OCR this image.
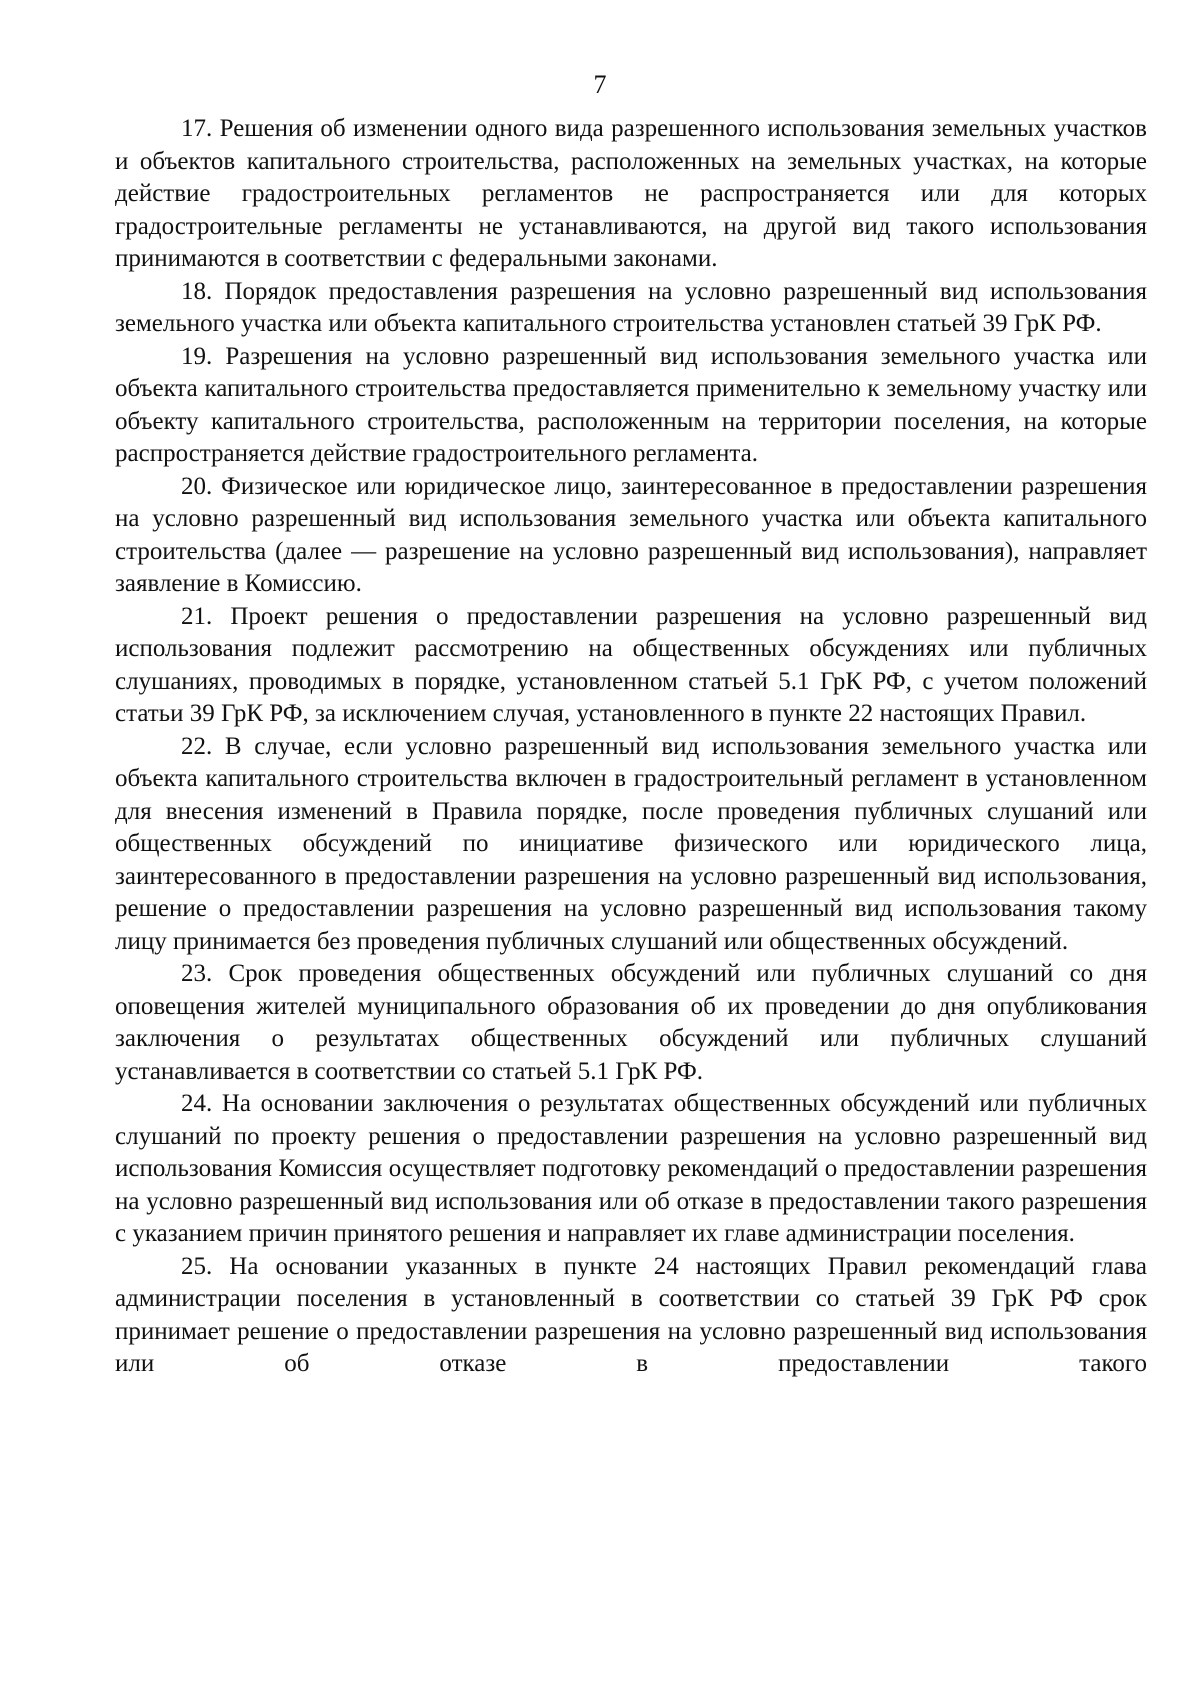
7

17. Решения об изменении одного вида разрешенного использования земельных участков и объектов капитального строительства, расположенных на земельных участках, на которые действие градостроительных регламентов не распространяется или для которых градостроительные регламенты не устанавливаются, на другой вид такого использования принимаются в соответствии с федеральными законами.

18. Порядок предоставления разрешения на условно разрешенный вид использования земельного участка или объекта капитального строительства установлен статьей 39 ГрК РФ.

19. Разрешения на условно разрешенный вид использования земельного участка или объекта капитального строительства предоставляется применительно к земельному участку или объекту капитального строительства, расположенным на территории поселения, на которые распространяется действие градостроительного регламента.

20. Физическое или юридическое лицо, заинтересованное в предоставлении разрешения на условно разрешенный вид использования земельного участка или объекта капитального строительства (далее — разрешение на условно разрешенный вид использования), направляет заявление в Комиссию.

21. Проект решения о предоставлении разрешения на условно разрешенный вид использования подлежит рассмотрению на общественных обсуждениях или публичных слушаниях, проводимых в порядке, установленном статьей 5.1 ГрК РФ, с учетом положений статьи 39 ГрК РФ, за исключением случая, установленного в пункте 22 настоящих Правил.

22. В случае, если условно разрешенный вид использования земельного участка или объекта капитального строительства включен в градостроительный регламент в установленном для внесения изменений в Правила порядке, после проведения публичных слушаний или общественных обсуждений по инициативе физического или юридического лица, заинтересованного в предоставлении разрешения на условно разрешенный вид использования, решение о предоставлении разрешения на условно разрешенный вид использования такому лицу принимается без проведения публичных слушаний или общественных обсуждений.

23. Срок проведения общественных обсуждений или публичных слушаний со дня оповещения жителей муниципального образования об их проведении до дня опубликования заключения о результатах общественных обсуждений или публичных слушаний устанавливается в соответствии со статьей 5.1 ГрК РФ.

24. На основании заключения о результатах общественных обсуждений или публичных слушаний по проекту решения о предоставлении разрешения на условно разрешенный вид использования Комиссия осуществляет подготовку рекомендаций о предоставлении разрешения на условно разрешенный вид использования или об отказе в предоставлении такого разрешения с указанием причин принятого решения и направляет их главе администрации поселения.

25. На основании указанных в пункте 24 настоящих Правил рекомендаций глава администрации поселения в установленный в соответствии со статьей 39 ГрК РФ срок принимает решение о предоставлении разрешения на условно разрешенный вид использования или об отказе в предоставлении такого
